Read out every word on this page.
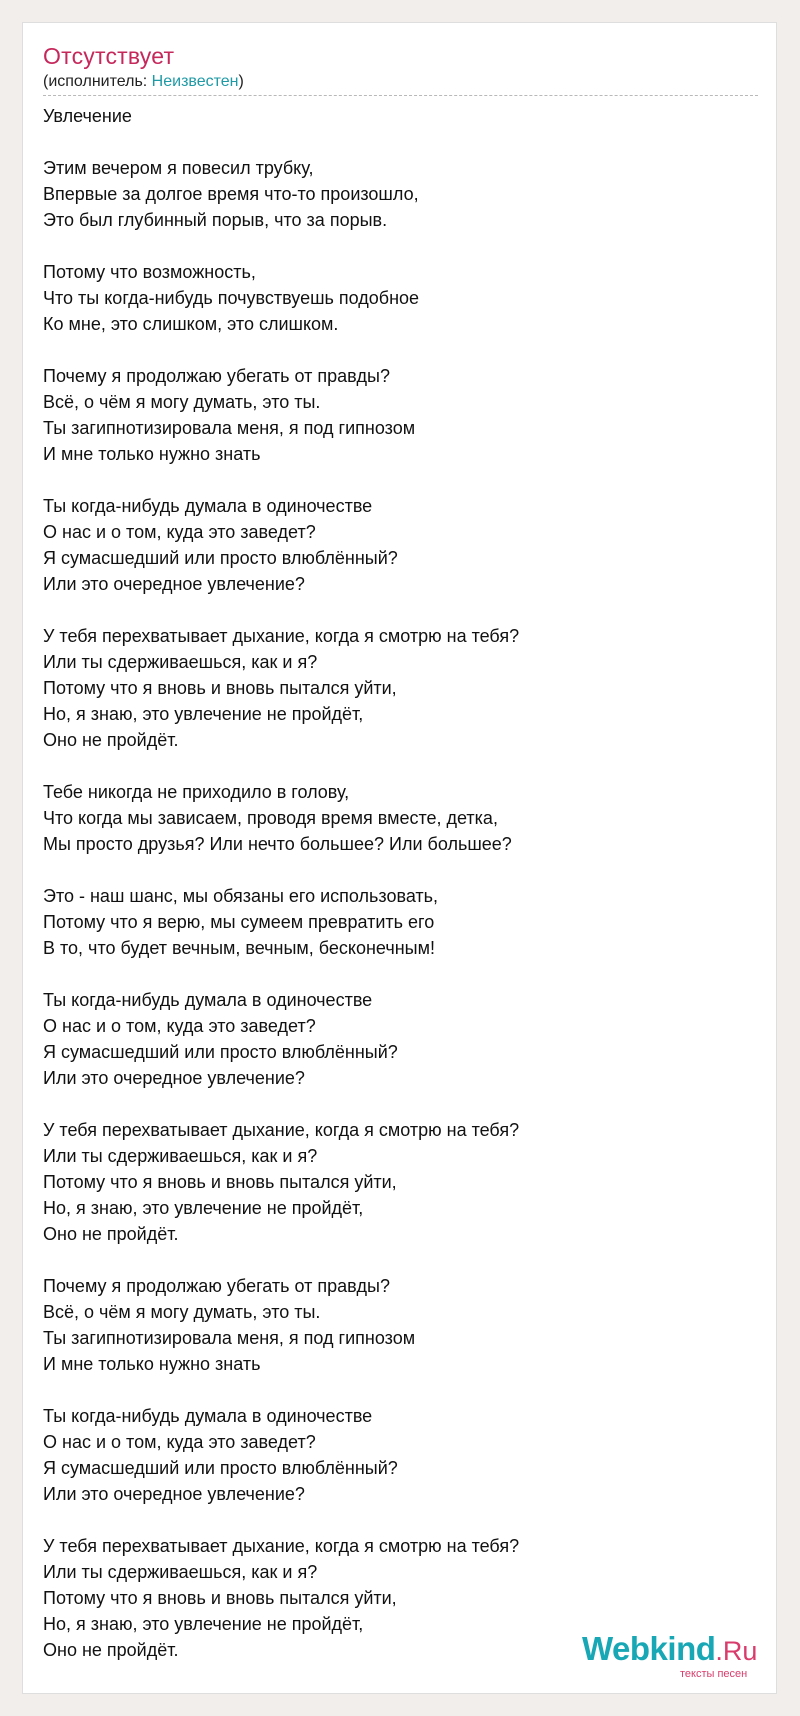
Отсутствует
(исполнитель: Неизвестен)
Увлечение

Этим вечером я повесил трубку,
Впервые за долгое время что-то произошло,
Это был глубинный порыв, что за порыв.

Потому что возможность,
Что ты когда-нибудь почувствуешь подобное
Ко мне, это слишком, это слишком.

Почему я продолжаю убегать от правды?
Всё, о чём я могу думать, это ты.
Ты загипнотизировала меня, я под гипнозом
И мне только нужно знать

Ты когда-нибудь думала в одиночестве
О нас и о том, куда это заведет?
Я сумасшедший или просто влюблённый?
Или это очередное увлечение?

У тебя перехватывает дыхание, когда я смотрю на тебя?
Или ты сдерживаешься, как и я?
Потому что я вновь и вновь пытался уйти,
Но, я знаю, это увлечение не пройдёт,
Оно не пройдёт.

Тебе никогда не приходило в голову,
Что когда мы зависаем, проводя время вместе, детка,
Мы просто друзья? Или нечто большее? Или большее?

Это - наш шанс, мы обязаны его использовать,
Потому что я верю, мы сумеем превратить его
В то, что будет вечным, вечным, бесконечным!

Ты когда-нибудь думала в одиночестве
О нас и о том, куда это заведет?
Я сумасшедший или просто влюблённый?
Или это очередное увлечение?

У тебя перехватывает дыхание, когда я смотрю на тебя?
Или ты сдерживаешься, как и я?
Потому что я вновь и вновь пытался уйти,
Но, я знаю, это увлечение не пройдёт,
Оно не пройдёт.

Почему я продолжаю убегать от правды?
Всё, о чём я могу думать, это ты.
Ты загипнотизировала меня, я под гипнозом
И мне только нужно знать

Ты когда-нибудь думала в одиночестве
О нас и о том, куда это заведет?
Я сумасшедший или просто влюблённый?
Или это очередное увлечение?

У тебя перехватывает дыхание, когда я смотрю на тебя?
Или ты сдерживаешься, как и я?
Потому что я вновь и вновь пытался уйти,
Но, я знаю, это увлечение не пройдёт,
Оно не пройдёт.	Webkind.Ru
тексты песен
